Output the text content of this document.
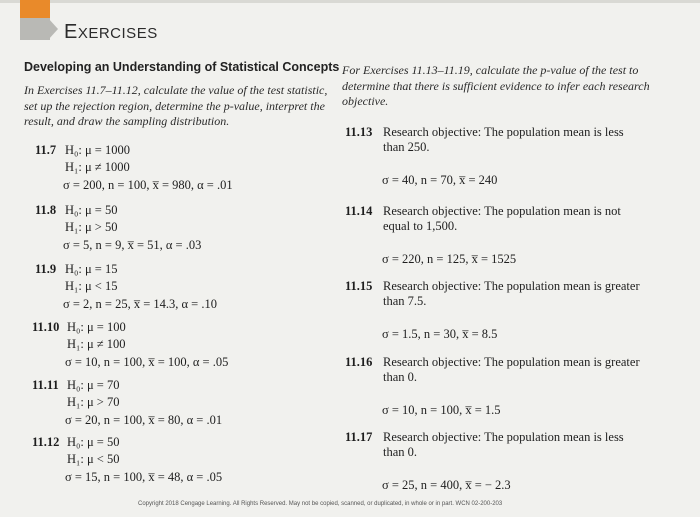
EXERCISES
Developing an Understanding of Statistical Concepts
In Exercises 11.7–11.12, calculate the value of the test statistic, set up the rejection region, determine the p-value, interpret the result, and draw the sampling distribution.
11.7 H₀: μ = 1000
H₁: μ ≠ 1000
σ = 200, n = 100, x̅ = 980, α = .01
11.8 H₀: μ = 50
H₁: μ > 50
σ = 5, n = 9, x̅ = 51, α = .03
11.9 H₀: μ = 15
H₁: μ < 15
σ = 2, n = 25, x̅ = 14.3, α = .10
11.10 H₀: μ = 100
H₁: μ ≠ 100
σ = 10, n = 100, x̅ = 100, α = .05
11.11 H₀: μ = 70
H₁: μ > 70
σ = 20, n = 100, x̅ = 80, α = .01
11.12 H₀: μ = 50
H₁: μ < 50
σ = 15, n = 100, x̅ = 48, α = .05
For Exercises 11.13–11.19, calculate the p-value of the test to determine that there is sufficient evidence to infer each research objective.
11.13 Research objective: The population mean is less
than 250.
σ = 40, n = 70, x̅ = 240
11.14 Research objective: The population mean is not
equal to 1,500.
σ = 220, n = 125, x̅ = 1525
11.15 Research objective: The population mean is greater
than 7.5.
σ = 1.5, n = 30, x̅ = 8.5
11.16 Research objective: The population mean is greater
than 0.
σ = 10, n = 100, x̅ = 1.5
11.17 Research objective: The population mean is less
than 0.
σ = 25, n = 400, x̅ = − 2.3
Copyright 2018 Cengage Learning. All Rights Reserved. May not be copied, scanned, or duplicated, in whole or in part. WCN 02-200-203
